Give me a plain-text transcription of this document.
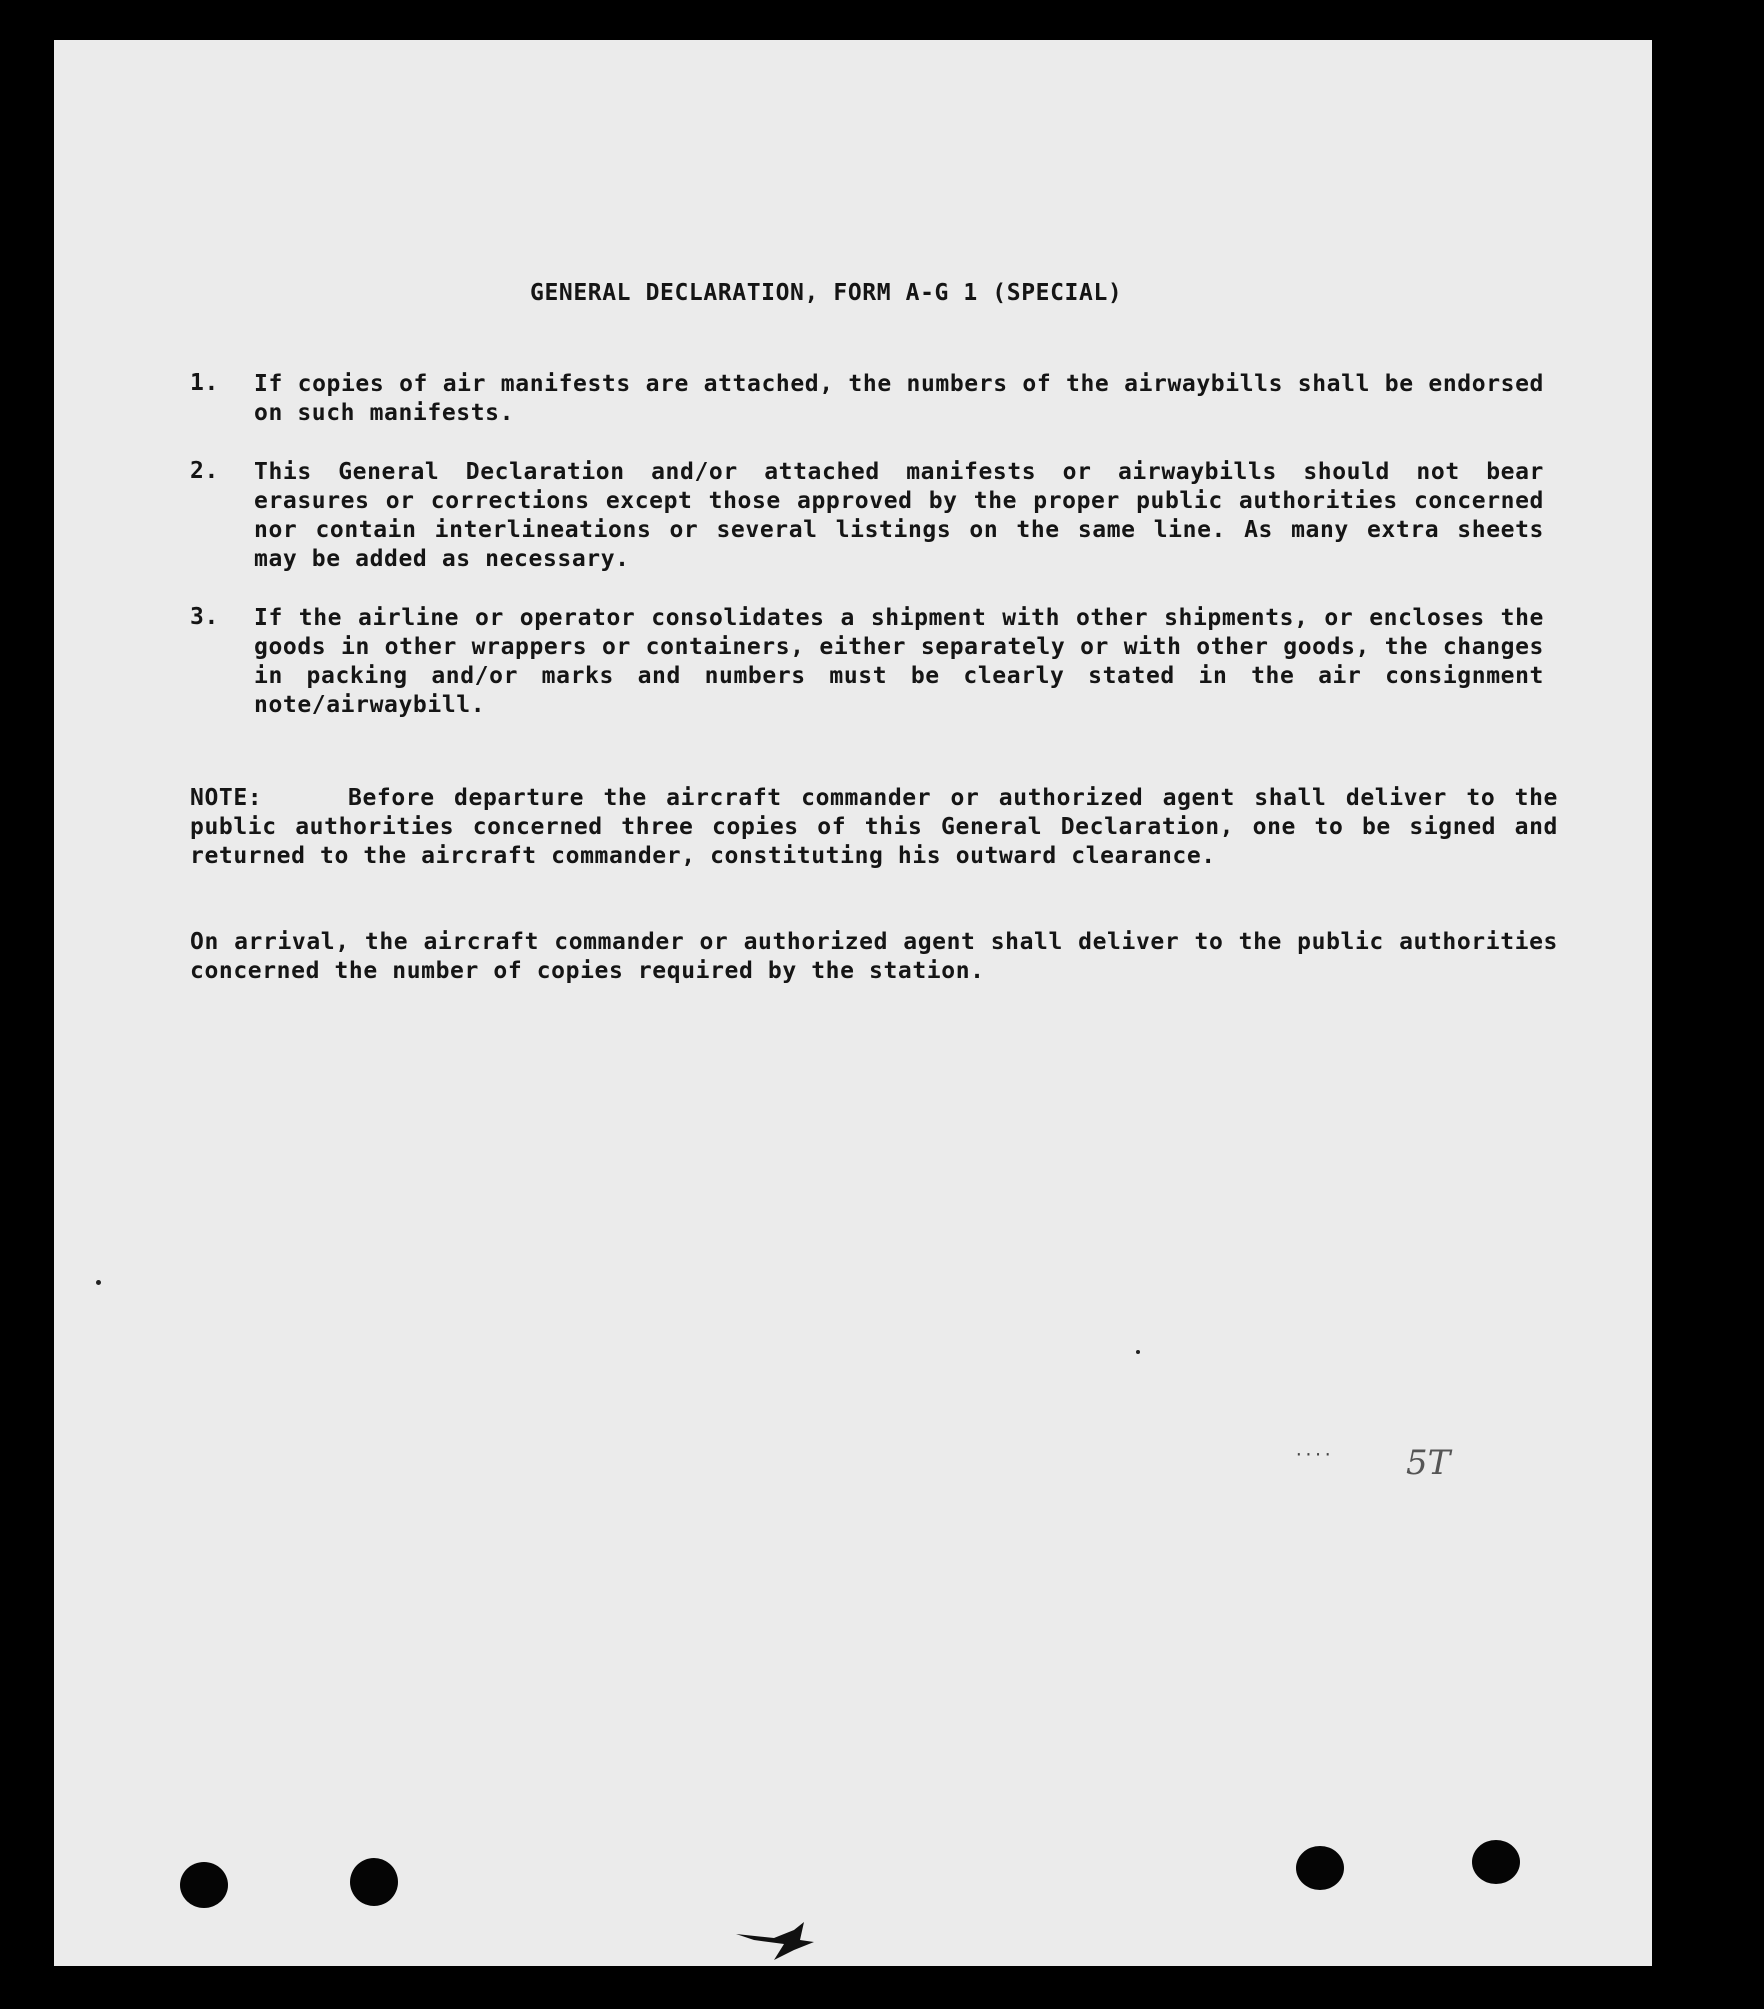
GENERAL DECLARATION, FORM A-G 1 (SPECIAL)
1.	If copies of air manifests are attached, the numbers of the airwaybills shall be endorsed on such manifests.
2.	This General Declaration and/or attached manifests or airwaybills should not bear erasures or corrections except those approved by the proper public authorities concerned nor contain interlineations or several listings on the same line. As many extra sheets may be added as necessary.
3.	If the airline or operator consolidates a shipment with other shipments, or encloses the goods in other wrappers or containers, either separately or with other goods, the changes in packing and/or marks and numbers must be clearly stated in the air consignment note/airwaybill.
NOTE:	Before departure the aircraft commander or authorized agent shall deliver to the public authorities concerned three copies of this General Declaration, one to be signed and returned to the aircraft commander, constituting his outward clearance.
On arrival, the aircraft commander or authorized agent shall deliver to the public authorities concerned the number of copies required by the station.
···· 5T
